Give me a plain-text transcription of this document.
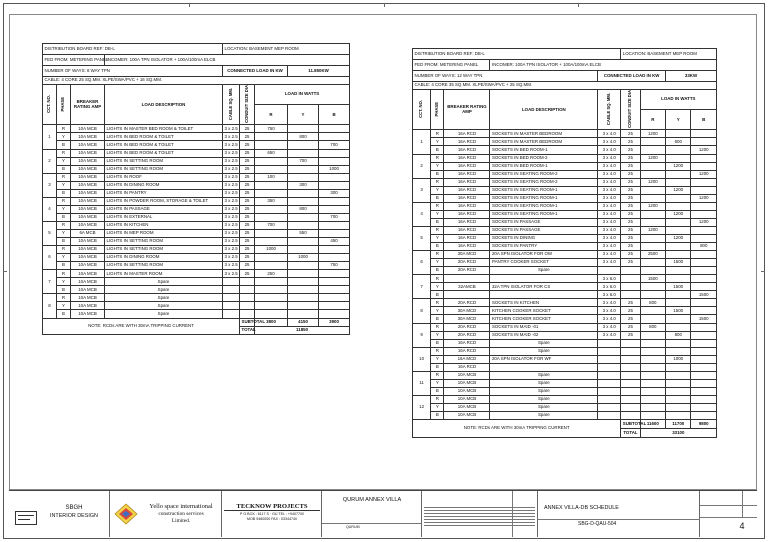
DISTRIBUTION BOARD REF: DB-L				LOCATION: BASEMENT MEP ROOM				
FED FROM: METERING PANEL			INCOMER: 100A TPN ISOLATOR + 100A/100mA ELCB					
NUMBER OF WAYS: 8 WAY TPN				CONNECTED LOAD IN KW			11.850KW	
CABLE: 4 CORE 25 SQ.MM. XLPE/SWA/PVC + 16 SQ.MM.								
CCT. NO.	PHASE	BREAKER RATING AMP	LOAD DESCRIPTION	CABLE SQ. MM.	CONDUIT SIZE DIA	LOAD IN WATTS		
						R	Y	B
1	R	10A MCB	LIGHTS IN MASTER BED ROOM & TOILET	3 x 2.5	25	750		
	Y	10A MCB	LIGHTS IN BED ROOM & TOILET	3 x 2.5	25		800	
	B	10A MCB	LIGHTS IN BED ROOM & TOILET	3 x 2.5	25			700
2	R	10A MCB	LIGHTS IN BED ROOM & TOILET	3 x 2.5	25	650		
	Y	10A MCB	LIGHTS IN SETTING ROOM	3 x 2.5	25		700	
	B	10A MCB	LIGHTS IN SETTING ROOM	3 x 2.5	25			1000
3	R	10A MCB	LIGHTS IN ROOF	3 x 2.5	25	100		
	Y	10A MCB	LIGHTS IN DINING ROOM	3 x 2.5	25		300	
	B	10A MCB	LIGHTS IN PANTRY	3 x 2.5	25			300
4	R	10A MCB	LIGHTS IN POWDER ROOM, STORAGE & TOILET	3 x 2.5	25	350		
	Y	10A MCB	LIGHTS IN PASSAGE	3 x 2.5	25		800	
	B	10A MCB	LIGHTS IN EXTERNAL	3 x 2.5	25			700
5	R	10A MCB	LIGHTS IN KITCHEN	3 x 2.5	25	700		
	Y	6A MCB	LIGHTS IN MEP ROOM	3 x 2.5	25		550	
	B	10A MCB	LIGHTS IN SETTING ROOM	3 x 2.5	25			450
6	R	10A MCB	LIGHTS IN SETTING ROOM	3 x 2.5	25	1000		
	Y	10A MCB	LIGHTS IN DINING ROOM	3 x 2.5	25		1000	
	B	10A MCB	LIGHTS IN SETTING ROOM	3 x 2.5	25			750
7	R	10A MCB	LIGHTS IN MASTER ROOM	3 x 2.5	25	250		
	Y	10A MCB	Spare					
	B	10A MCB	Spare					
8	R	10A MCB	Spare					
	Y	10A MCB	Spare					
	B	10A MCB	Spare					
NOTE: RCDs ARE WITH 30mA TRIPPING CURRENT					SUBTOTAL	3800	4150	3900
					TOTAL	11850		
DISTRIBUTION BOARD REF: DB-L					LOCATION: BASEMENT MEP ROOM			
FED FROM: METERING PANEL			INCOMER: 100A TPN ISOLATOR + 100A/100mA ELCB					
NUMBER OF WAYS: 12 WAY TPN				CONNECTED LOAD IN KW			33KW	
CABLE: 4 CORE 35 SQ.MM. XLPE/SWA/PVC + 25 SQ.MM.								
CCT. NO.	PHASE	BREAKER RATING AMP	LOAD DESCRIPTION	CABLE SQ. MM.	CONDUIT SIZE DIA	LOAD IN WATTS		
						R	Y	B
1	R	16A RCD	SOCKETS IN MASTER BEDROOM	3 x 4.0	25	1200		
	Y	16A RCD	SOCKETS IN MASTER BEDROOM	3 x 4.0	25		600	
	B	16A RCD	SOCKETS IN BED ROOM-1	3 x 4.0	25			1200
2	R	16A RCD	SOCKETS IN BED ROOM-2	3 x 4.0	25	1200		
	Y	16A RCD	SOCKETS IN BED ROOM-1	3 x 4.0	25		1200	
	B	16A RCD	SOCKETS IN SEATING ROOM-2	3 x 4.0	25			1200
3	R	16A RCD	SOCKETS IN SEATING ROOM-2	3 x 4.0	25	1200		
	Y	16A RCD	SOCKETS IN SEATING ROOM-1	3 x 4.0	25		1200	
	B	16A RCD	SOCKETS IN SEATING ROOM-1	3 x 4.0	25			1200
4	R	16A RCD	SOCKETS IN SEATING ROOM-1	3 x 4.0	25	1200		
	Y	16A RCD	SOCKETS IN SEATING ROOM-1	3 x 4.0	25		1200	
	B	16A RCD	SOCKETS IN PASSAGE	3 x 4.0	25			1200
5	R	16A RCD	SOCKETS IN PASSAGE	3 x 4.0	25	1200		
	Y	16A RCD	SOCKETS IN DINING	3 x 4.0	25		1200	
	B	16A RCD	SOCKETS IN PANTRY	3 x 4.0	25			800
6	R	30A MCD	20A SPN ISOLATOR FOR OW	3 x 4.0	25	2500		
	Y	20A RCD	PANTRY COOKER SOCKET	3 x 4.0	25		1500	
	B	20A RCD	Spare					
7	R			3 x 6.0		1500		
	Y	32AMCB	32A TPN ISOLATOR FOR CS	3 x 6.0			1500	
	B			3 x 6.0				1500
8	R	20A RCD	SOCKETS IN KITCHEN	3 x 4.0	25	800		
	Y	30A MCD	KITCHEN COOKER SOCKET	3 x 4.0	25		1500	
	B	30A MCD	KITCHEN COOKER SOCKET	3 x 4.0	25			1500
9	R	20A RCD	SOCKETS IN MAID -01	3 x 4.0	25	800		
	Y	20A RCD	SOCKETS IN MAID -02	3 x 4.0	25		800	
	B	16A RCD	Spare					
10	R	16A RCD	Spare					
	Y	16A MCD	20A SPN ISOLATOR FOR WF				1000	
	B	16A RCD						
11	R	10A MCB	Spare					
	Y	10A MCB	Spare					
	B	10A MCB	Spare					
12	R	10A MCB	Spare					
	Y	10A MCB	Spare					
	B	10A MCB	Spare					
NOTE: RCDs ARE WITH 30mA TRIPPING CURRENT					SUBTOTAL	11600	11700	9800
					TOTAL	33100		
SBGH
INTERIOR DESIGN
Yello space international
construction services
Limited.
TECKNOW PROJECTS
P O BOX : 6117 S · GU TEL : +9407700
MOB 9460000 FAX : 03344740
QURUM ANNEX VILLA
QURUM
ANNEX VILLA-DB SCHEDULE
SBG-D-QAU-504	4
